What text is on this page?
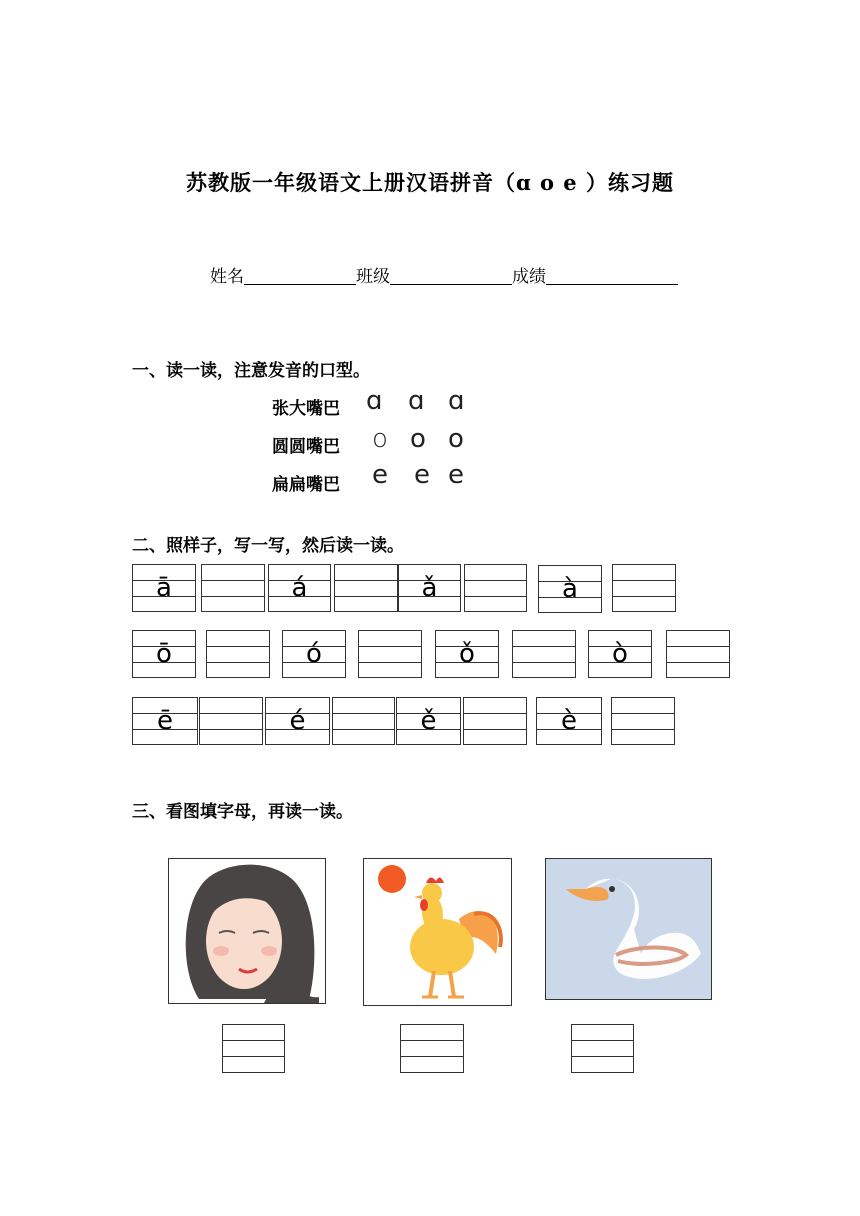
苏教版一年级语文上册汉语拼音（ɑ o e ）练习题
姓名	班级	成绩
一、读一读，注意发音的口型。
张大嘴巴 ɑ ɑ ɑ
圆圆嘴巴 o o o
扁扁嘴巴 e e e
二、照样子，写一写，然后读一读。
ā	á	ǎ	à
ō	ó	ǒ	ò
ē	é	ě	è
三、看图填字母，再读一读。
